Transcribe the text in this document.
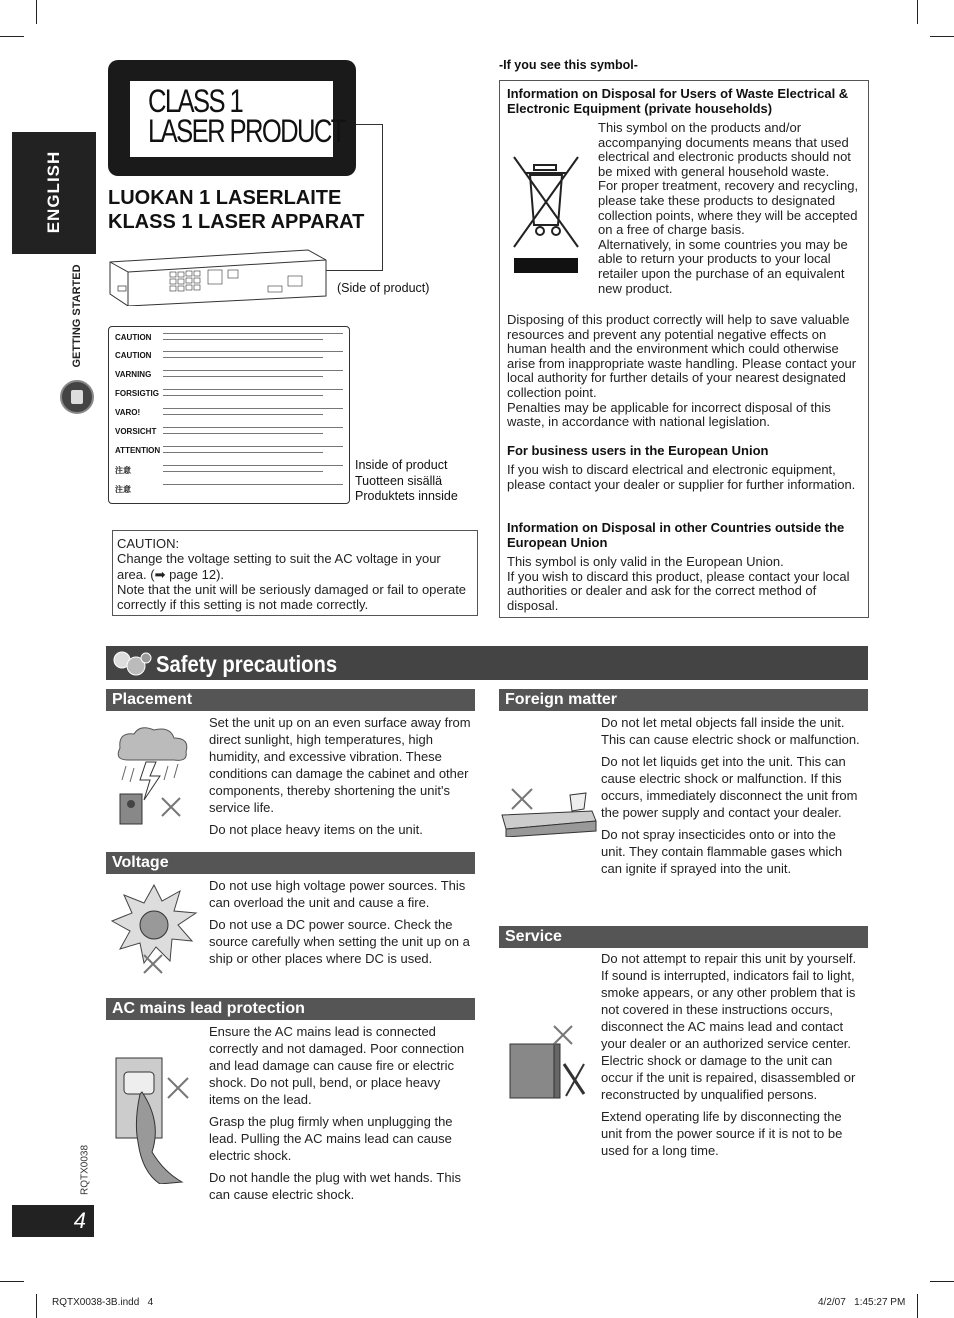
ENGLISH
GETTING STARTED
RQTX0038
4
CLASS 1
LASER PRODUCT
LUOKAN 1 LASERLAITE
KLASS 1 LASER APPARAT
(Side of product)
CAUTION
CAUTION
VARNING
FORSIGTIG
VARO!
VORSICHT
ATTENTION
注意
注意
Inside of product
Tuotteen sisällä
Produktets innside
CAUTION:
Change the voltage setting to suit the AC voltage in your area. (➡ page 12).
Note that the unit will be seriously damaged or fail to operate correctly if this setting is not made correctly.
-If you see this symbol-
Information on Disposal for Users of Waste Electrical & Electronic Equipment (private households)
This symbol on the products and/or accompanying documents means that used electrical and electronic products should not be mixed with general household waste.
For proper treatment, recovery and recycling, please take these products to designated collection points, where they will be accepted on a free of charge basis.
Alternatively, in some countries you may be able to return your products to your local retailer upon the purchase of an equivalent new product.
Disposing of this product correctly will help to save valuable resources and prevent any potential negative effects on human health and the environment which could otherwise arise from inappropriate waste handling. Please contact your local authority for further details of your nearest designated collection point.
Penalties may be applicable for incorrect disposal of this waste, in accordance with national legislation.
For business users in the European Union
If you wish to discard electrical and electronic equipment, please contact your dealer or supplier for further information.
Information on Disposal in other Countries outside the European Union
This symbol is only valid in the European Union.
If you wish to discard this product, please contact your local authorities or dealer and ask for the correct method of disposal.
Safety precautions
Placement
Set the unit up on an even surface away from direct sunlight, high temperatures, high humidity, and excessive vibration. These conditions can damage the cabinet and other components, thereby shortening the unit's service life.
Do not place heavy items on the unit.
Voltage
Do not use high voltage power sources. This can overload the unit and cause a fire.
Do not use a DC power source. Check the source carefully when setting the unit up on a ship or other places where DC is used.
AC mains lead protection
Ensure the AC mains lead is connected correctly and not damaged. Poor connection and lead damage can cause fire or electric shock. Do not pull, bend, or place heavy items on the lead.
Grasp the plug firmly when unplugging the lead. Pulling the AC mains lead can cause electric shock.
Do not handle the plug with wet hands. This can cause electric shock.
Foreign matter
Do not let metal objects fall inside the unit. This can cause electric shock or malfunction.
Do not let liquids get into the unit. This can cause electric shock or malfunction. If this occurs, immediately disconnect the unit from the power supply and contact your dealer.
Do not spray insecticides onto or into the unit. They contain flammable gases which can ignite if sprayed into the unit.
Service
Do not attempt to repair this unit by yourself. If sound is interrupted, indicators fail to light, smoke appears, or any other problem that is not covered in these instructions occurs, disconnect the AC mains lead and contact your dealer or an authorized service center. Electric shock or damage to the unit can occur if the unit is repaired, disassembled or reconstructed by unqualified persons.
Extend operating life by disconnecting the unit from the power source if it is not to be used for a long time.
RQTX0038-3B.indd   4	4/2/07   1:45:27 PM
